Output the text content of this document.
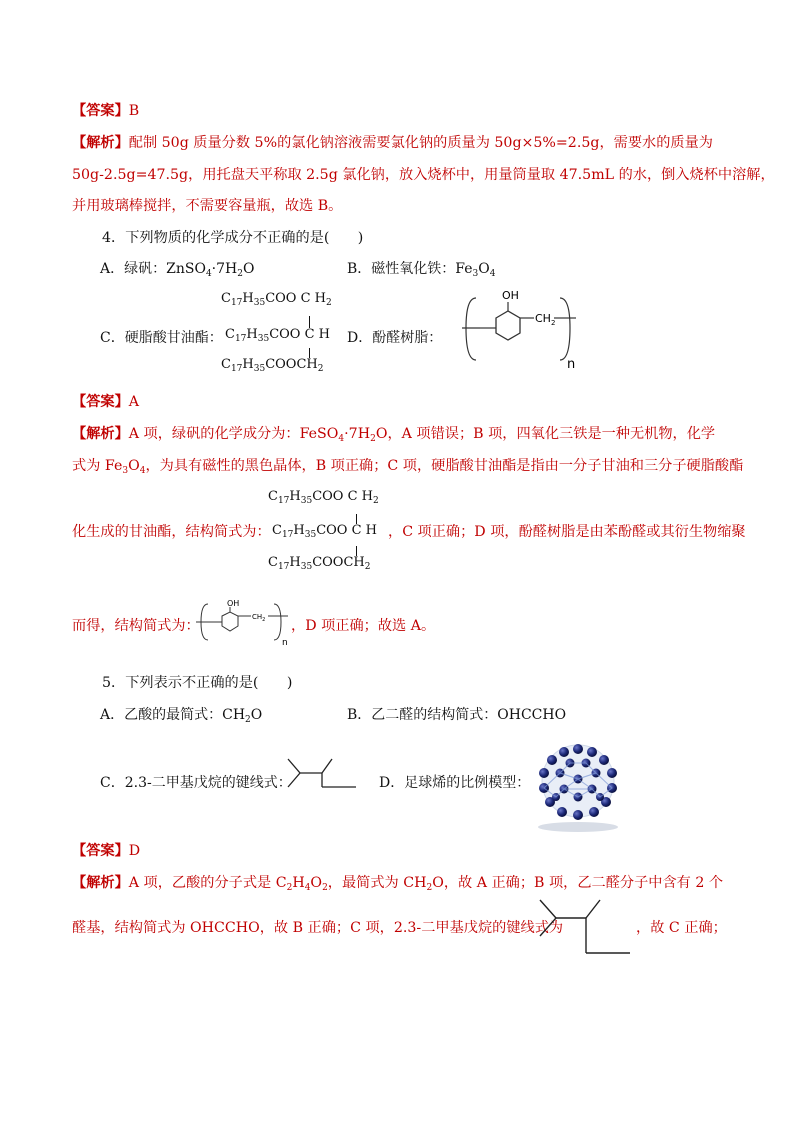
【答案】B
【解析】配制 50g 质量分数 5%的氯化钠溶液需要氯化钠的质量为 50g×5%=2.5g，需要水的质量为
50g-2.5g=47.5g，用托盘天平称取 2.5g 氯化钠，放入烧杯中，用量筒量取 47.5mL 的水，倒入烧杯中溶解，
并用玻璃棒搅拌，不需要容量瓶，故选 B。
4．下列物质的化学成分不正确的是(　　)
A．绿矾：$ZnSO_4\cdot 7H_2O$	B．磁性氧化铁：$Fe_3O_4$
C．硬脂酸甘油酯：
$C_{17}H_{35}COO$ C $H_2$
$C_{17}H_{35}COO$ C H
$C_{17}H_{35}COOCH_2$
D．酚醛树脂：
OH
$CH_2$
n
【答案】A
【解析】A 项，绿矾的化学成分为：$FeSO_4\cdot 7H_2O$，A 项错误；B 项，四氧化三铁是一种无机物，化学
式为 $Fe_3O_4$，为具有磁性的黑色晶体，B 项正确；C 项，硬脂酸甘油酯是指由一分子甘油和三分子硬脂酸酯
$C_{17}H_{35}COO$ C $H_2$
$C_{17}H_{35}COO$ C H
$C_{17}H_{35}COOCH_2$
化生成的甘油酯，结构简式为：	，C 项正确；D 项，酚醛树脂是由苯酚醛或其衍生物缩聚
而得，结构简式为：
OH
$CH_2$
n
，D 项正确；故选 A。
5．下列表示不正确的是(　　)
A．乙酸的最简式：$CH_2O$	B．乙二醛的结构简式：OHCCHO
C．2.3-二甲基戊烷的键线式：	D．足球烯的比例模型：
【答案】D
【解析】A 项，乙酸的分子式是 $C_2H_4O_2$，最简式为 $CH_2O$，故 A 正确；B 项，乙二醛分子中含有 2 个
醛基，结构简式为 OHCCHO，故 B 正确；C 项，2.3-二甲基戊烷的键线式为	，故 C 正确；
